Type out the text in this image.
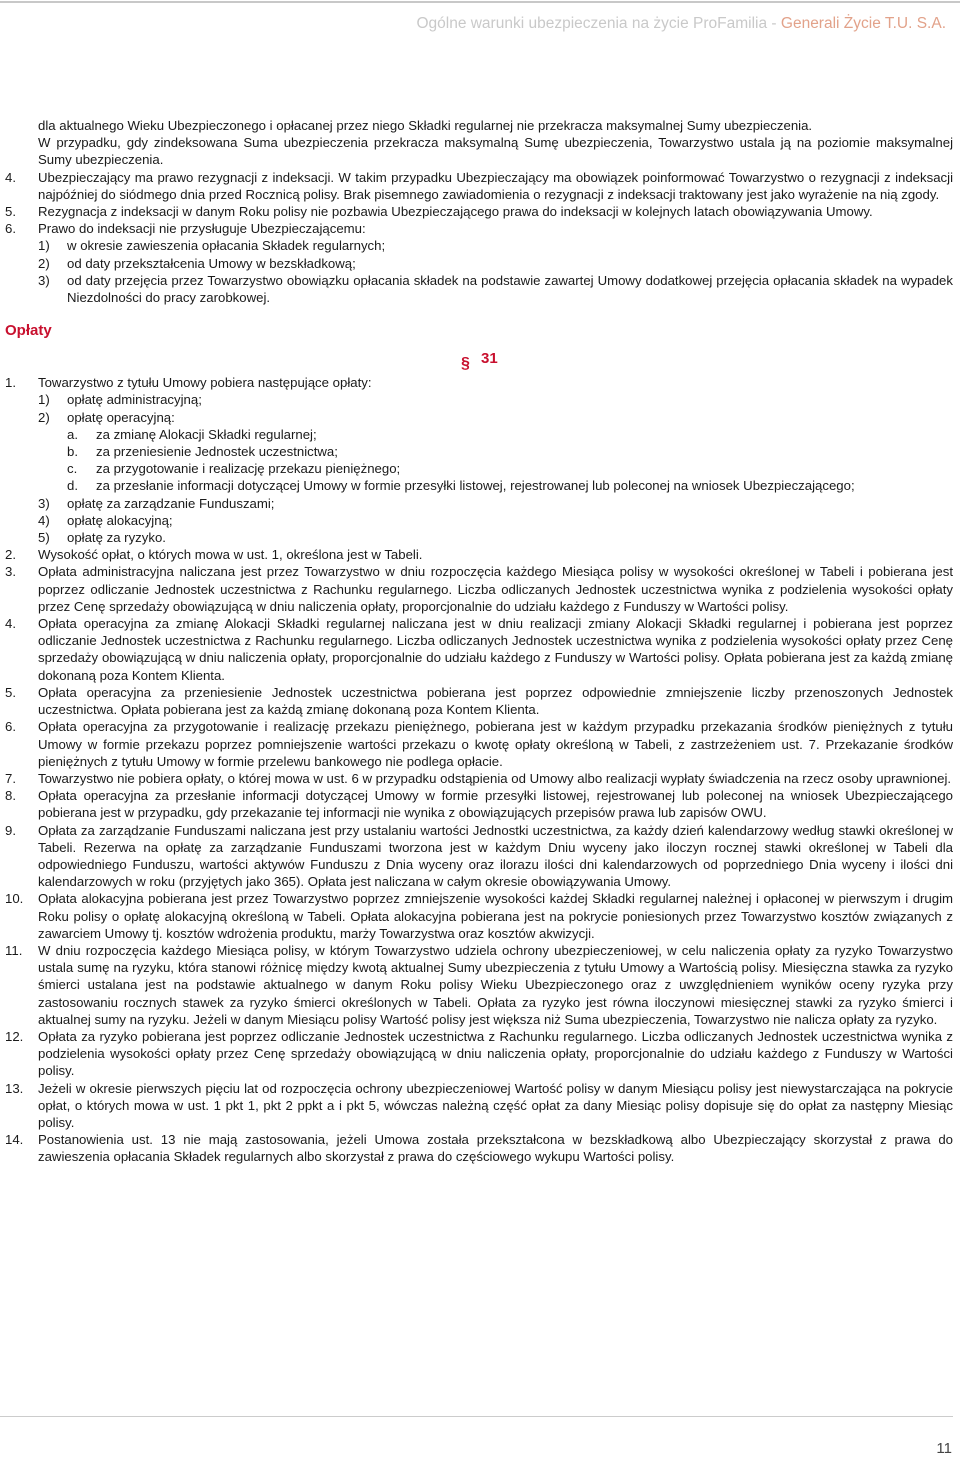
Ogólne warunki ubezpieczenia na życie ProFamilia - Generali Życie T.U. S.A.
dla aktualnego Wieku Ubezpieczonego i opłacanej przez niego Składki regularnej nie przekracza maksymalnej Sumy ubezpieczenia.
W przypadku, gdy zindeksowana Suma ubezpieczenia przekracza maksymalną Sumę ubezpieczenia, Towarzystwo ustala ją na poziomie maksymalnej Sumy ubezpieczenia.
4. Ubezpieczający ma prawo rezygnacji z indeksacji. W takim przypadku Ubezpieczający ma obowiązek poinformować Towarzystwo o rezygnacji z indeksacji najpóźniej do siódmego dnia przed Rocznicą polisy. Brak pisemnego zawiadomienia o rezygnacji z indeksacji traktowany jest jako wyrażenie na nią zgody.
5. Rezygnacja z indeksacji w danym Roku polisy nie pozbawia Ubezpieczającego prawa do indeksacji w kolejnych latach obowiązywania Umowy.
6. Prawo do indeksacji nie przysługuje Ubezpieczającemu:
1) w okresie zawieszenia opłacania Składek regularnych;
2) od daty przekształcenia Umowy w bezskładkową;
3) od daty przejęcia przez Towarzystwo obowiązku opłacania składek na podstawie zawartej Umowy dodatkowej przejęcia opłacania składek na wypadek Niezdolności do pracy zarobkowej.
Opłaty
§ 31
1. Towarzystwo z tytułu Umowy pobiera następujące opłaty:
1) opłatę administracyjną;
2) opłatę operacyjną:
a. za zmianę Alokacji Składki regularnej;
b. za przeniesienie Jednostek uczestnictwa;
c. za przygotowanie i realizację przekazu pieniężnego;
d. za przesłanie informacji dotyczącej Umowy w formie przesyłki listowej, rejestrowanej lub poleconej na wniosek Ubezpieczającego;
3) opłatę za zarządzanie Funduszami;
4) opłatę alokacyjną;
5) opłatę za ryzyko.
2. Wysokość opłat, o których mowa w ust. 1, określona jest w Tabeli.
3. Opłata administracyjna naliczana jest przez Towarzystwo w dniu rozpoczęcia każdego Miesiąca polisy w wysokości określonej w Tabeli i pobierana jest poprzez odliczanie Jednostek uczestnictwa z Rachunku regularnego. Liczba odliczanych Jednostek uczestnictwa wynika z podzielenia wysokości opłaty przez Cenę sprzedaży obowiązującą w dniu naliczenia opłaty, proporcjonalnie do udziału każdego z Funduszy w Wartości polisy.
4. Opłata operacyjna za zmianę Alokacji Składki regularnej naliczana jest w dniu realizacji zmiany Alokacji Składki regularnej i pobierana jest poprzez odliczanie Jednostek uczestnictwa z Rachunku regularnego. Liczba odliczanych Jednostek uczestnictwa wynika z podzielenia wysokości opłaty przez Cenę sprzedaży obowiązującą w dniu naliczenia opłaty, proporcjonalnie do udziału każdego z Funduszy w Wartości polisy. Opłata pobierana jest za każdą zmianę dokonaną poza Kontem Klienta.
5. Opłata operacyjna za przeniesienie Jednostek uczestnictwa pobierana jest poprzez odpowiednie zmniejszenie liczby przenoszonych Jednostek uczestnictwa. Opłata pobierana jest za każdą zmianę dokonaną poza Kontem Klienta.
6. Opłata operacyjna za przygotowanie i realizację przekazu pieniężnego, pobierana jest w każdym przypadku przekazania środków pieniężnych z tytułu Umowy w formie przekazu poprzez pomniejszenie wartości przekazu o kwotę opłaty określoną w Tabeli, z zastrzeżeniem ust. 7. Przekazanie środków pieniężnych z tytułu Umowy w formie przelewu bankowego nie podlega opłacie.
7. Towarzystwo nie pobiera opłaty, o której mowa w ust. 6 w przypadku odstąpienia od Umowy albo realizacji wypłaty świadczenia na rzecz osoby uprawnionej.
8. Opłata operacyjna za przesłanie informacji dotyczącej Umowy w formie przesyłki listowej, rejestrowanej lub poleconej na wniosek Ubezpieczającego pobierana jest w przypadku, gdy przekazanie tej informacji nie wynika z obowiązujących przepisów prawa lub zapisów OWU.
9. Opłata za zarządzanie Funduszami naliczana jest przy ustalaniu wartości Jednostki uczestnictwa, za każdy dzień kalendarzowy według stawki określonej w Tabeli. Rezerwa na opłatę za zarządzanie Funduszami tworzona jest w każdym Dniu wyceny jako iloczyn rocznej stawki określonej w Tabeli dla odpowiedniego Funduszu, wartości aktywów Funduszu z Dnia wyceny oraz ilorazu ilości dni kalendarzowych od poprzedniego Dnia wyceny i ilości dni kalendarzowych w roku (przyjętych jako 365). Opłata jest naliczana w całym okresie obowiązywania Umowy.
10. Opłata alokacyjna pobierana jest przez Towarzystwo poprzez zmniejszenie wysokości każdej Składki regularnej należnej i opłaconej w pierwszym i drugim Roku polisy o opłatę alokacyjną określoną w Tabeli. Opłata alokacyjna pobierana jest na pokrycie poniesionych przez Towarzystwo kosztów związanych z zawarciem Umowy tj. kosztów wdrożenia produktu, marży Towarzystwa oraz kosztów akwizycji.
11. W dniu rozpoczęcia każdego Miesiąca polisy, w którym Towarzystwo udziela ochrony ubezpieczeniowej, w celu naliczenia opłaty za ryzyko Towarzystwo ustala sumę na ryzyku, która stanowi różnicę między kwotą aktualnej Sumy ubezpieczenia z tytułu Umowy a Wartością polisy. Miesięczna stawka za ryzyko śmierci ustalana jest na podstawie aktualnego w danym Roku polisy Wieku Ubezpieczonego oraz z uwzględnieniem wyników oceny ryzyka przy zastosowaniu rocznych stawek za ryzyko śmierci określonych w Tabeli. Opłata za ryzyko jest równa iloczynowi miesięcznej stawki za ryzyko śmierci i aktualnej sumy na ryzyku. Jeżeli w danym Miesiącu polisy Wartość polisy jest większa niż Suma ubezpieczenia, Towarzystwo nie nalicza opłaty za ryzyko.
12. Opłata za ryzyko pobierana jest poprzez odliczanie Jednostek uczestnictwa z Rachunku regularnego. Liczba odliczanych Jednostek uczestnictwa wynika z podzielenia wysokości opłaty przez Cenę sprzedaży obowiązującą w dniu naliczenia opłaty, proporcjonalnie do udziału każdego z Funduszy w Wartości polisy.
13. Jeżeli w okresie pierwszych pięciu lat od rozpoczęcia ochrony ubezpieczeniowej Wartość polisy w danym Miesiącu polisy jest niewystarczająca na pokrycie opłat, o których mowa w ust. 1 pkt 1, pkt 2 ppkt a i pkt 5, wówczas należną część opłat za dany Miesiąc polisy dopisuje się do opłat za następny Miesiąc polisy.
14. Postanowienia ust. 13 nie mają zastosowania, jeżeli Umowa została przekształcona w bezskładkową albo Ubezpieczający skorzystał z prawa do zawieszenia opłacania Składek regularnych albo skorzystał z prawa do częściowego wykupu Wartości polisy.
11
